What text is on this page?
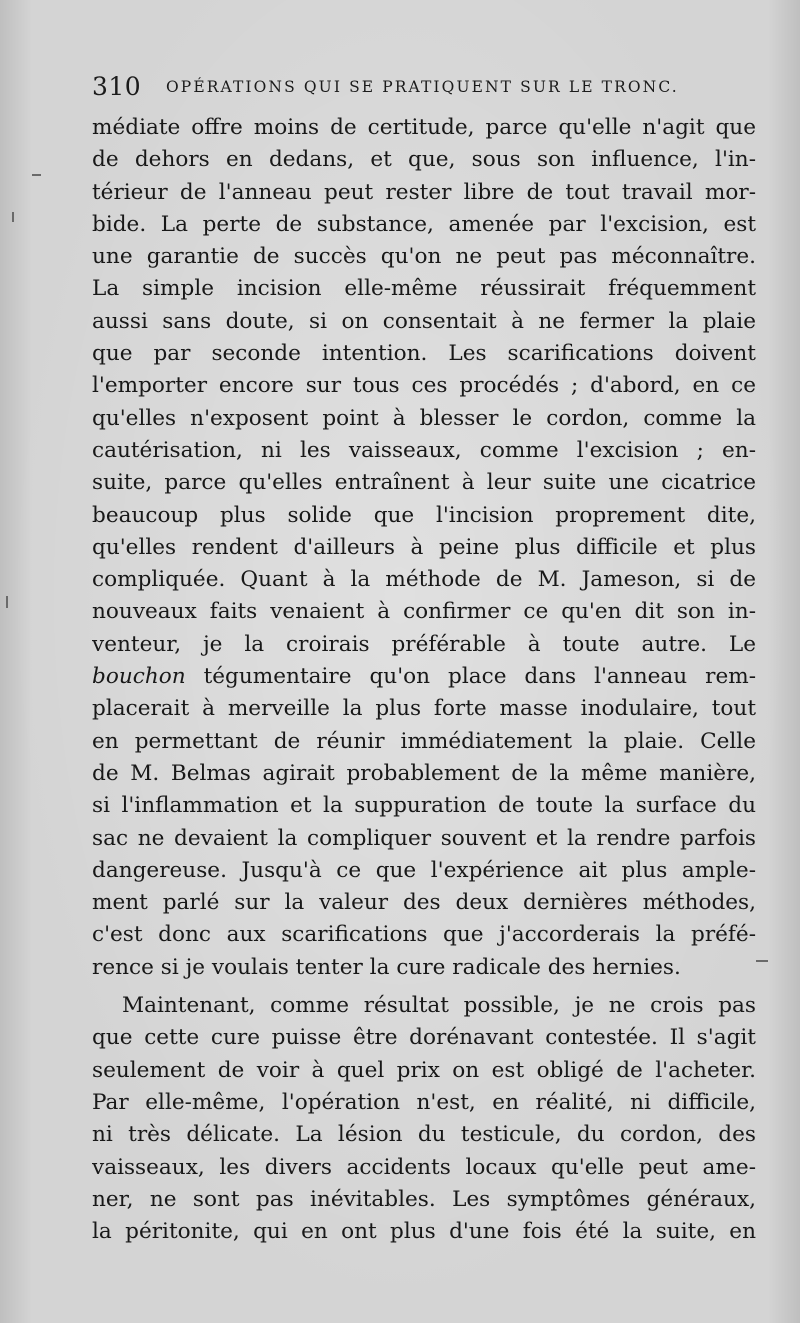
310 OPÉRATIONS QUI SE PRATIQUENT SUR LE TRONC.
médiate offre moins de certitude, parce qu'elle n'agit que
de dehors en dedans, et que, sous son influence, l'in-
térieur de l'anneau peut rester libre de tout travail mor-
bide. La perte de substance, amenée par l'excision, est
une garantie de succès qu'on ne peut pas méconnaître.
La simple incision elle-même réussirait fréquemment
aussi sans doute, si on consentait à ne fermer la plaie
que par seconde intention. Les scarifications doivent
l'emporter encore sur tous ces procédés ; d'abord, en ce
qu'elles n'exposent point à blesser le cordon, comme la
cautérisation, ni les vaisseaux, comme l'excision ; en-
suite, parce qu'elles entraînent à leur suite une cicatrice
beaucoup plus solide que l'incision proprement dite,
qu'elles rendent d'ailleurs à peine plus difficile et plus
compliquée. Quant à la méthode de M. Jameson, si de
nouveaux faits venaient à confirmer ce qu'en dit son in-
venteur, je la croirais préférable à toute autre. Le
bouchon tégumentaire qu'on place dans l'anneau rem-
placerait à merveille la plus forte masse inodulaire, tout
en permettant de réunir immédiatement la plaie. Celle
de M. Belmas agirait probablement de la même manière,
si l'inflammation et la suppuration de toute la surface du
sac ne devaient la compliquer souvent et la rendre parfois
dangereuse. Jusqu'à ce que l'expérience ait plus ample-
ment parlé sur la valeur des deux dernières méthodes,
c'est donc aux scarifications que j'accorderais la préfé-
rence si je voulais tenter la cure radicale des hernies.
Maintenant, comme résultat possible, je ne crois pas
que cette cure puisse être dorénavant contestée. Il s'agit
seulement de voir à quel prix on est obligé de l'acheter.
Par elle-même, l'opération n'est, en réalité, ni difficile,
ni très délicate. La lésion du testicule, du cordon, des
vaisseaux, les divers accidents locaux qu'elle peut ame-
ner, ne sont pas inévitables. Les symptômes généraux,
la péritonite, qui en ont plus d'une fois été la suite, en
